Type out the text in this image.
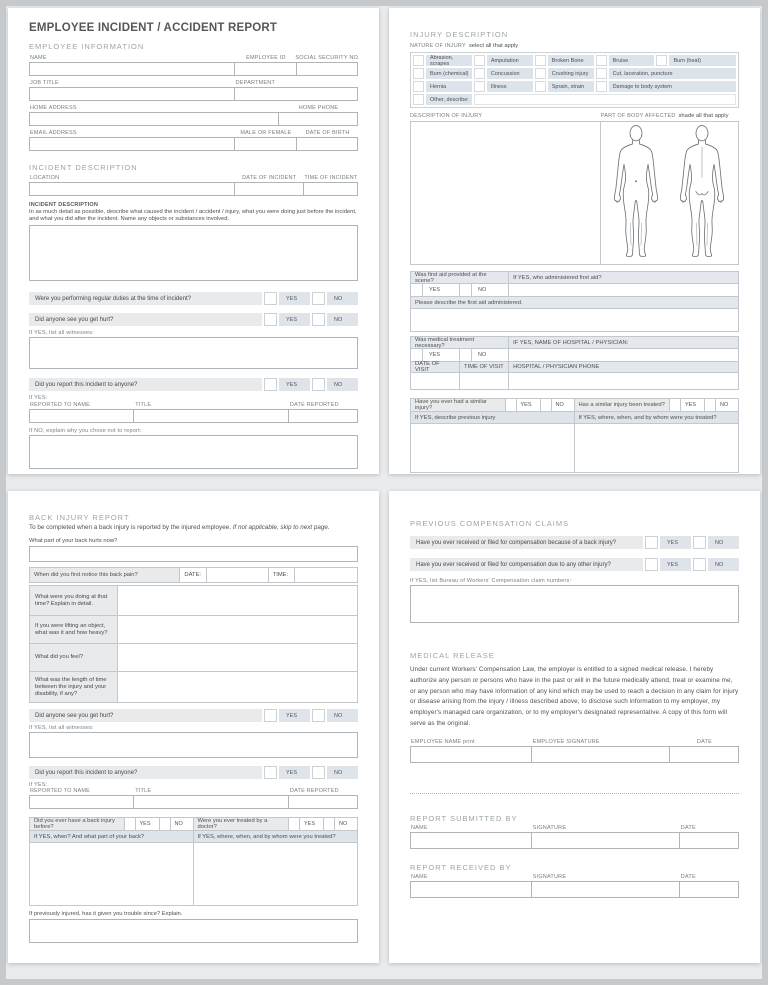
EMPLOYEE INCIDENT / ACCIDENT REPORT
EMPLOYEE INFORMATION
NAME	EMPLOYEE ID	SOCIAL SECURITY NO.
JOB TITLE	DEPARTMENT
HOME ADDRESS	HOME PHONE
EMAIL ADDRESS	MALE OR FEMALE	DATE OF BIRTH
INCIDENT DESCRIPTION
LOCATION	DATE OF INCIDENT	TIME OF INCIDENT
INCIDENT DESCRIPTION
In as much detail as possible, describe what caused the incident / accident / injury, what you were doing just before the incident, and what you did after the incident. Name any objects or substances involved.
Were you performing regular duties at the time of incident?	YES	NO
Did anyone see you get hurt?	YES	NO
If YES, list all witnesses:
Did you report this incident to anyone?	YES	NO
If YES:
REPORTED TO NAME	TITLE	DATE REPORTED
If NO, explain why you chose not to report:
INJURY DESCRIPTION
NATURE OF INJURY select all that apply
Abrasion, scrapes	Amputation	Broken Bone	Bruise	Burn (heat)
Burn (chemical)	Concussion	Crushing injury	Cut, laceration, puncture
Hernia	Illness	Sprain, strain	Damage to body system
Other, describe:
DESCRIPTION OF INJURY	PART OF BODY AFFECTED shade all that apply
Was first aid provided at the scene?	If YES, who administered first aid?
YES	NO
Please describe the first aid administered.
Was medical treatment necessary?	IF YES, NAME OF HOSPITAL / PHYSICIAN:
YES	NO
DATE OF VISIT	TIME OF VISIT	HOSPITAL / PHYSICIAN PHONE
Have you ever had a similar injury?	YES	NO
If YES, describe previous injury
Has a similar injury been treated?	YES	NO
If YES, where, when, and by whom were you treated?
BACK INJURY REPORT
To be completed when a back injury is reported by the injured employee. If not applicable, skip to next page.
What part of your back hurts now?
When did you first notice this back pain?	DATE:	TIME:
What were you doing at that time? Explain in detail.
If you were lifting an object, what was it and how heavy?
What did you feel?
What was the length of time between the injury and your disability, if any?
Did anyone see you get hurt?	YES	NO
If YES, list all witnesses:
Did you report this incident to anyone?	YES	NO
If YES:
REPORTED TO NAME	TITLE	DATE REPORTED
Did you ever have a back injury before?	YES	NO
If YES, when? And what part of your back?
Were you ever treated by a doctor?	YES	NO
If YES, where, when, and by whom were you treated?
If previously injured, has it given you trouble since? Explain.
PREVIOUS COMPENSATION CLAIMS
Have you ever received or filed for compensation because of a back injury?	YES	NO
Have you ever received or filed for compensation due to any other injury?	YES	NO
If YES, list Bureau of Workers' Compensation claim numbers:
MEDICAL RELEASE
Under current Workers' Compensation Law, the employer is entitled to a signed medical release. I hereby authorize any person or persons who have in the past or will in the future medically attend, treat or examine me, or any person who may have information of any kind which may be used to reach a decision in any claim for injury or disease arising from the injury / illness described above, to disclose such information to my employer, my employer's managed care organization, or to my employer's designated representative. A copy of this form will serve as the original.
EMPLOYEE NAME print	EMPLOYEE SIGNATURE	DATE
REPORT SUBMITTED BY
NAME	SIGNATURE	DATE
REPORT RECEIVED BY
NAME	SIGNATURE	DATE
